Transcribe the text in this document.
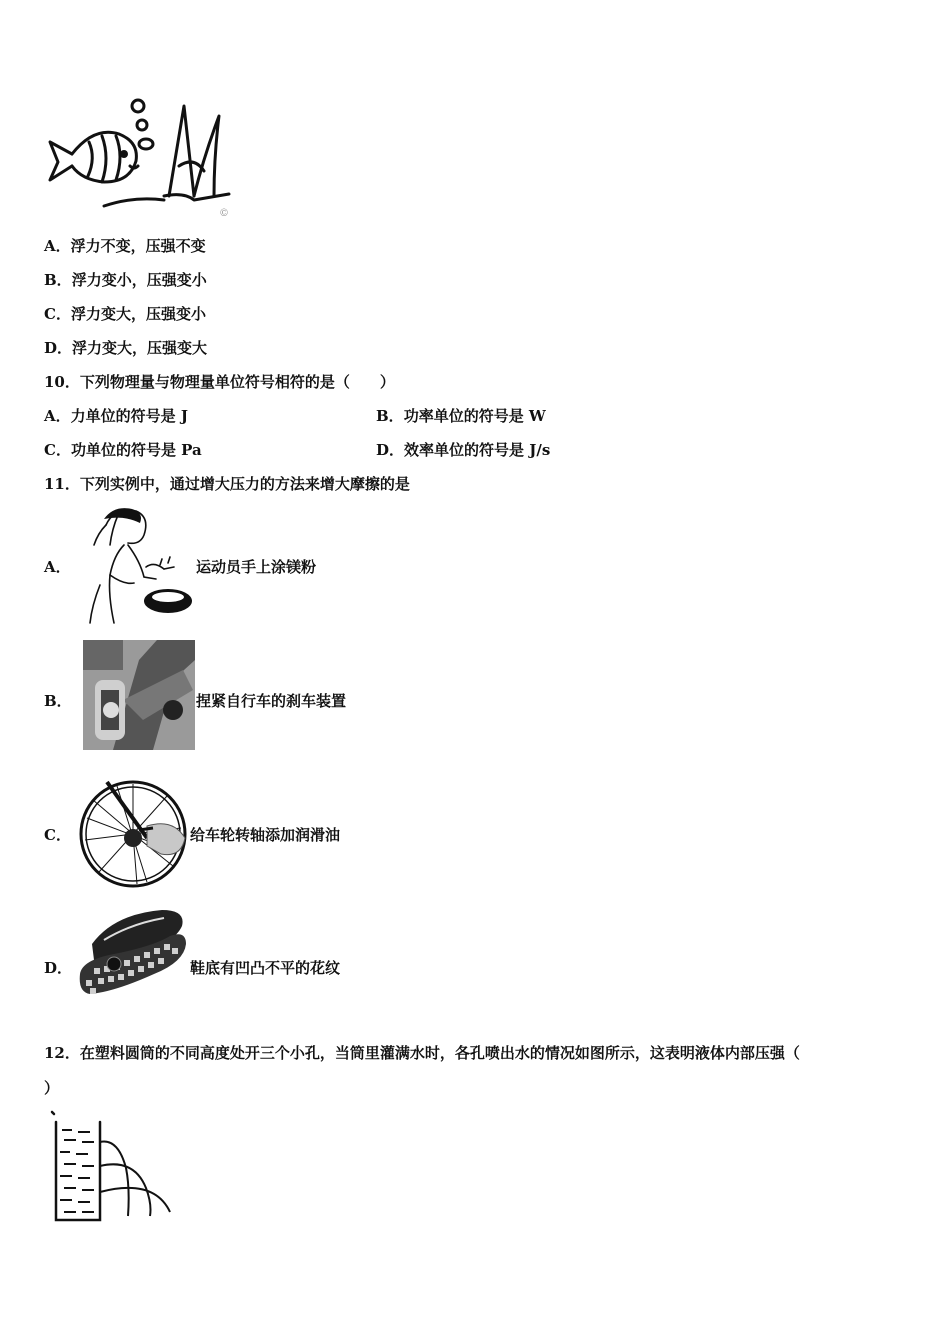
©
A．浮力不变，压强不变
B．浮力变小，压强变小
C．浮力变大，压强变小
D．浮力变大，压强变大
10．下列物理量与物理量单位符号相符的是（　　）
A．力单位的符号是 J	B．功率单位的符号是 W
C．功单位的符号是 Pa	D．效率单位的符号是 J/s
11．下列实例中，通过增大压力的方法来增大摩擦的是
A．	运动员手上涂镁粉
B．	捏紧自行车的刹车装置
C．	给车轮转轴添加润滑油
D．	鞋底有凹凸不平的花纹
12．在塑料圆筒的不同高度处开三个小孔，当筒里灌满水时，各孔喷出水的情况如图所示，这表明液体内部压强（
）
